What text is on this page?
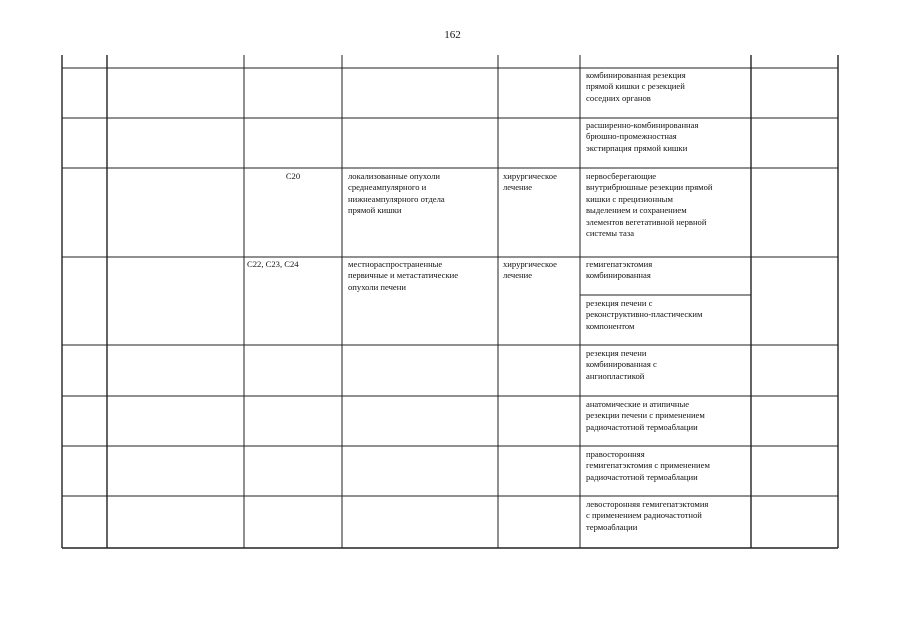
162

комбинированная резекция
прямой кишки с резекцией
соседних органов

расширенно-комбинированная
брюшно-промежностная
экстирпация прямой кишки

С20	локализованные опухоли
среднеампулярного и
нижнеампулярного отдела
прямой кишки

хирургическое
лечение

нервосберегающие
внутрибрюшные резекции прямой
кишки с прецизионным
выделением и сохранением
элементов вегетативной нервной
системы таза

С22, С23, С24	местнораспространенные
первичные и метастатические
опухоли печени

хирургическое
лечение

гемигепатэктомия
комбинированная

резекция печени с
реконструктивно-пластическим
компонентом

резекция печени
комбинированная с
ангиопластикой

анатомические и атипичные
резекции печени с применением
радиочастотной термоаблации

правосторонняя
гемигепатэктомия с применением
радиочастотной термоаблации

левосторонняя гемигепатэктомия
с применением радиочастотной
термоаблации
